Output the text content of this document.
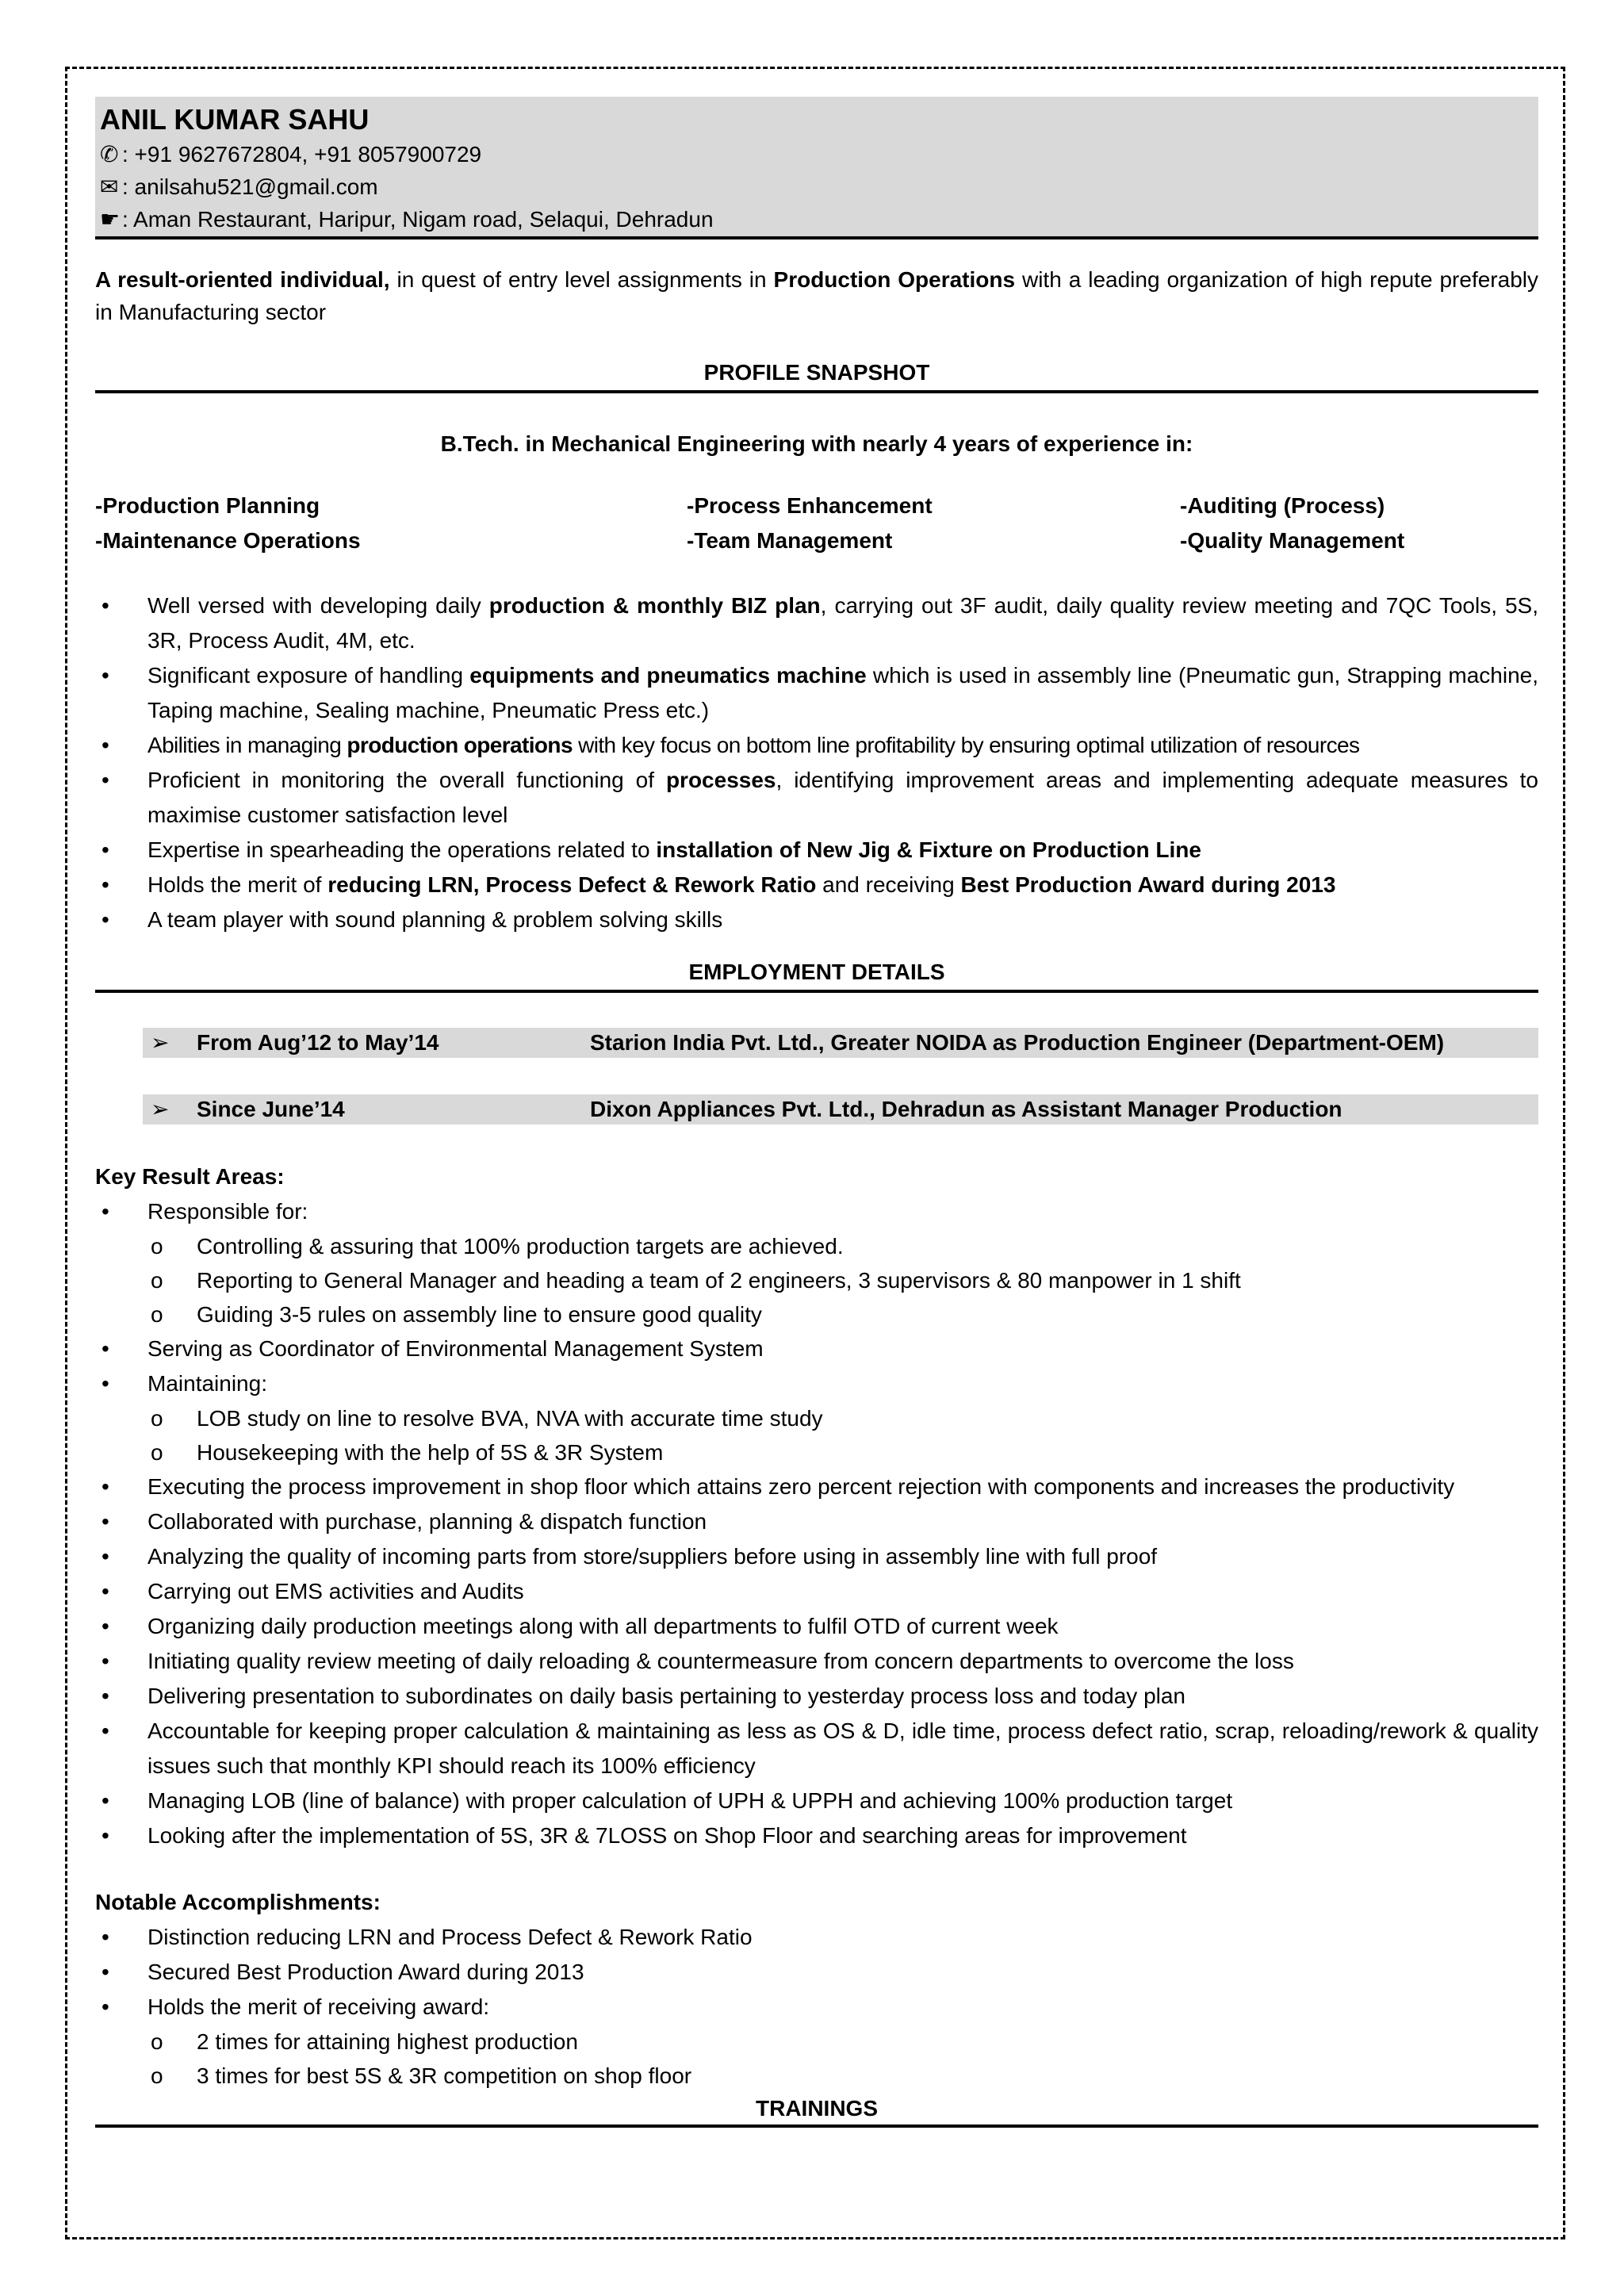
ANIL KUMAR SAHU
✆ : +91 9627672804, +91 8057900729
✉ : anilsahu521@gmail.com
☛ : Aman Restaurant, Haripur, Nigam road, Selaqui, Dehradun
A result-oriented individual, in quest of entry level assignments in Production Operations with a leading organization of high repute preferably in Manufacturing sector
PROFILE SNAPSHOT
B.Tech. in Mechanical Engineering with nearly 4 years of experience in:
-Production Planning	-Process Enhancement	-Auditing (Process)
-Maintenance Operations	-Team Management	-Quality Management
• Well versed with developing daily production & monthly BIZ plan, carrying out 3F audit, daily quality review meeting and 7QC Tools, 5S, 3R, Process Audit, 4M, etc.
• Significant exposure of handling equipments and pneumatics machine which is used in assembly line (Pneumatic gun, Strapping machine, Taping machine, Sealing machine, Pneumatic Press etc.)
• Abilities in managing production operations with key focus on bottom line profitability by ensuring optimal utilization of resources
• Proficient in monitoring the overall functioning of processes, identifying improvement areas and implementing adequate measures to maximise customer satisfaction level
• Expertise in spearheading the operations related to installation of New Jig & Fixture on Production Line
• Holds the merit of reducing LRN, Process Defect & Rework Ratio and receiving Best Production Award during 2013
• A team player with sound planning & problem solving skills
EMPLOYMENT DETAILS
➢ From Aug’12 to May’14	Starion India Pvt. Ltd., Greater NOIDA as Production Engineer (Department-OEM)
➢ Since June’14	Dixon Appliances Pvt. Ltd., Dehradun as Assistant Manager Production
Key Result Areas:
• Responsible for:
o Controlling & assuring that 100% production targets are achieved.
o Reporting to General Manager and heading a team of 2 engineers, 3 supervisors & 80 manpower in 1 shift
o Guiding 3-5 rules on assembly line to ensure good quality
• Serving as Coordinator of Environmental Management System
• Maintaining:
o LOB study on line to resolve BVA, NVA with accurate time study
o Housekeeping with the help of 5S & 3R System
• Executing the process improvement in shop floor which attains zero percent rejection with components and increases the productivity
• Collaborated with purchase, planning & dispatch function
• Analyzing the quality of incoming parts from store/suppliers before using in assembly line with full proof
• Carrying out EMS activities and Audits
• Organizing daily production meetings along with all departments to fulfil OTD of current week
• Initiating quality review meeting of daily reloading & countermeasure from concern departments to overcome the loss
• Delivering presentation to subordinates on daily basis pertaining to yesterday process loss and today plan
• Accountable for keeping proper calculation & maintaining as less as OS & D, idle time, process defect ratio, scrap, reloading/rework & quality issues such that monthly KPI should reach its 100% efficiency
• Managing LOB (line of balance) with proper calculation of UPH & UPPH and achieving 100% production target
• Looking after the implementation of 5S, 3R & 7LOSS on Shop Floor and searching areas for improvement
Notable Accomplishments:
• Distinction reducing LRN and Process Defect & Rework Ratio
• Secured Best Production Award during 2013
• Holds the merit of receiving award:
o 2 times for attaining highest production
o 3 times for best 5S & 3R competition on shop floor
TRAININGS
